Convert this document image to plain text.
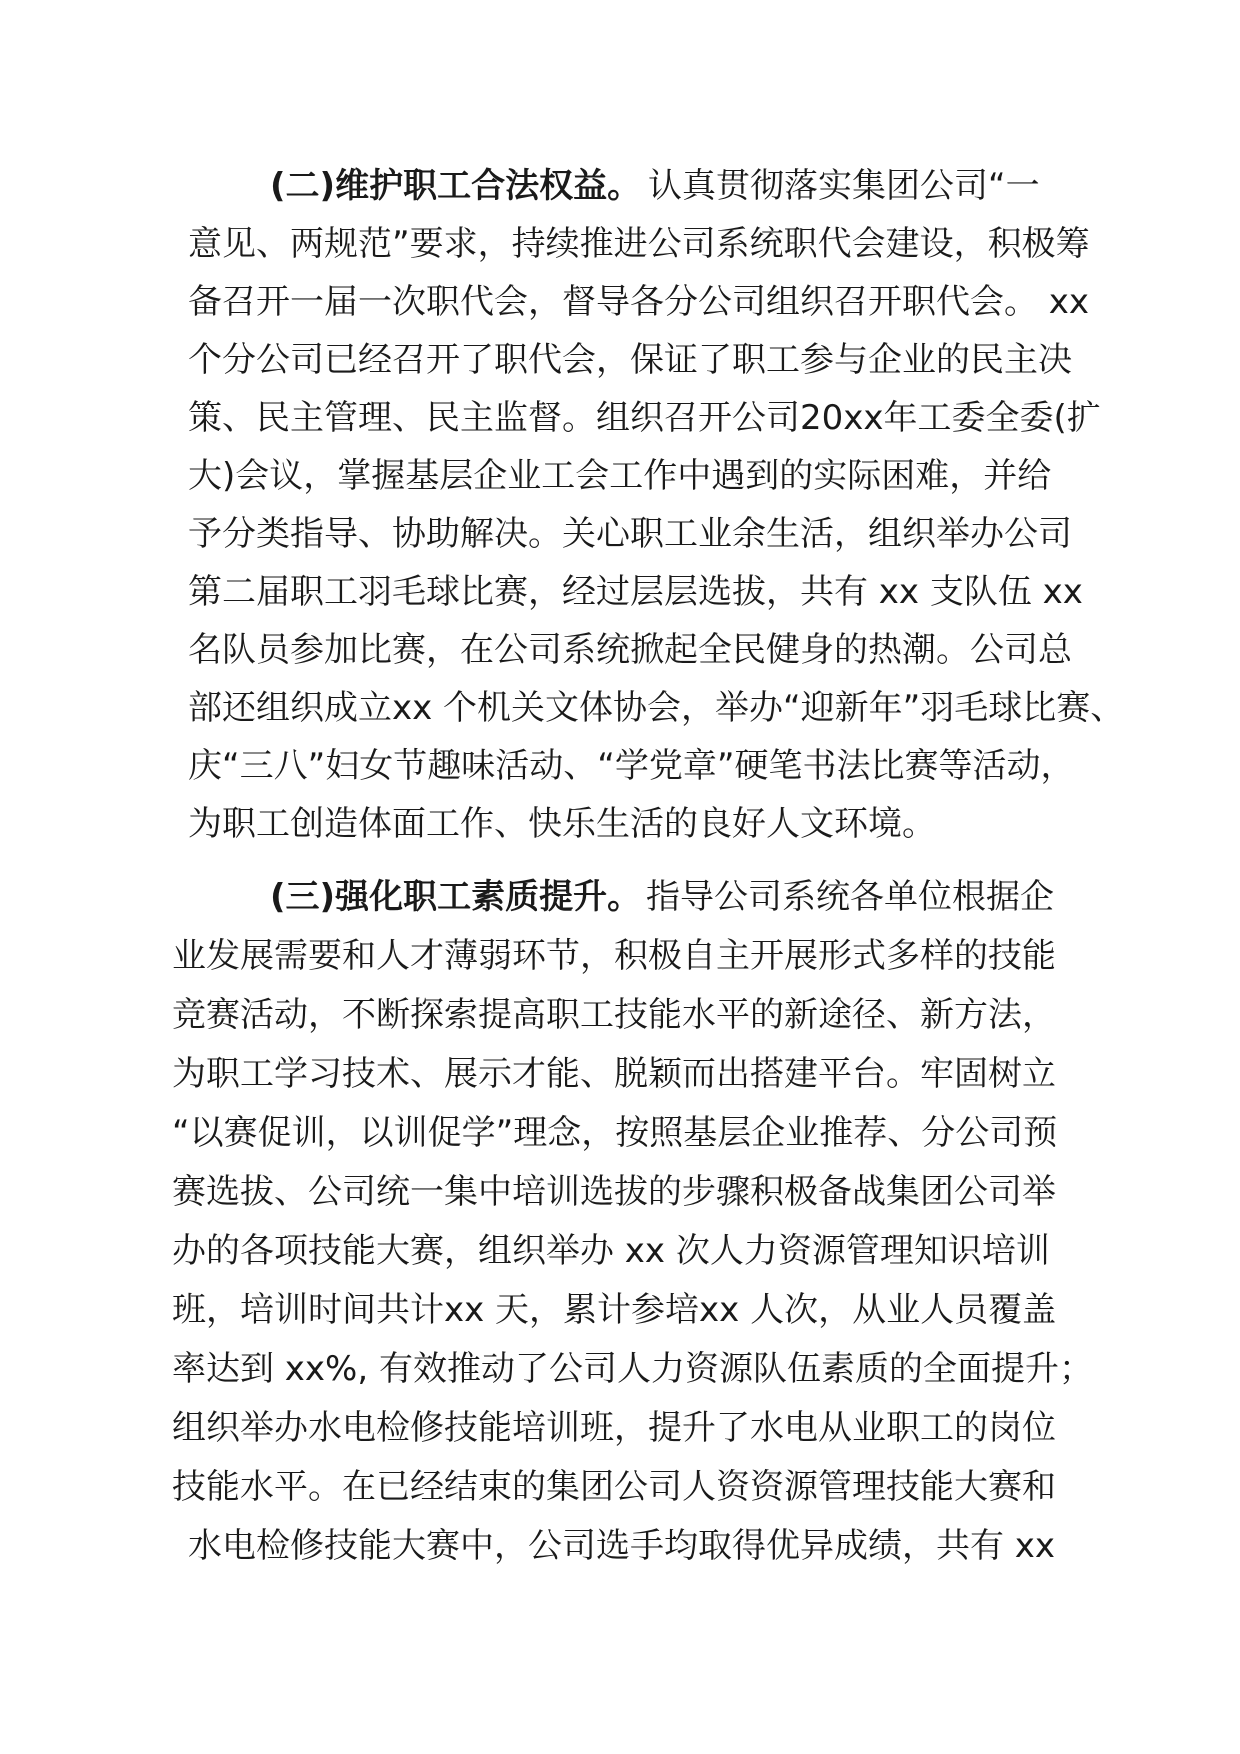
(二)维护职工合法权益。 认真贯彻落实集团公司“一
意见、两规范”要求，持续推进公司系统职代会建设，积极筹
备召开一届一次职代会，督导各分公司组织召开职代会。 xx
个分公司已经召开了职代会，保证了职工参与企业的民主决
策、民主管理、民主监督。组织召开公司20xx年工委全委(扩
大)会议，掌握基层企业工会工作中遇到的实际困难，并给
予分类指导、协助解决。关心职工业余生活，组织举办公司
第二届职工羽毛球比赛，经过层层选拔，共有 xx 支队伍 xx
名队员参加比赛，在公司系统掀起全民健身的热潮。公司总
部还组织成立xx 个机关文体协会，举办“迎新年”羽毛球比赛、
庆“三八”妇女节趣味活动、“学党章”硬笔书法比赛等活动，
为职工创造体面工作、快乐生活的良好人文环境。
(三)强化职工素质提升。 指导公司系统各单位根据企
业发展需要和人才薄弱环节，积极自主开展形式多样的技能
竞赛活动，不断探索提高职工技能水平的新途径、新方法，
为职工学习技术、展示才能、脱颖而出搭建平台。牢固树立
“以赛促训，以训促学”理念，按照基层企业推荐、分公司预
赛选拔、公司统一集中培训选拔的步骤积极备战集团公司举
办的各项技能大赛，组织举办 xx 次人力资源管理知识培训
班，培训时间共计xx 天，累计参培xx 人次，从业人员覆盖
率达到 xx%, 有效推动了公司人力资源队伍素质的全面提升；
组织举办水电检修技能培训班，提升了水电从业职工的岗位
技能水平。在已经结束的集团公司人资资源管理技能大赛和
水电检修技能大赛中，公司选手均取得优异成绩，共有 xx
